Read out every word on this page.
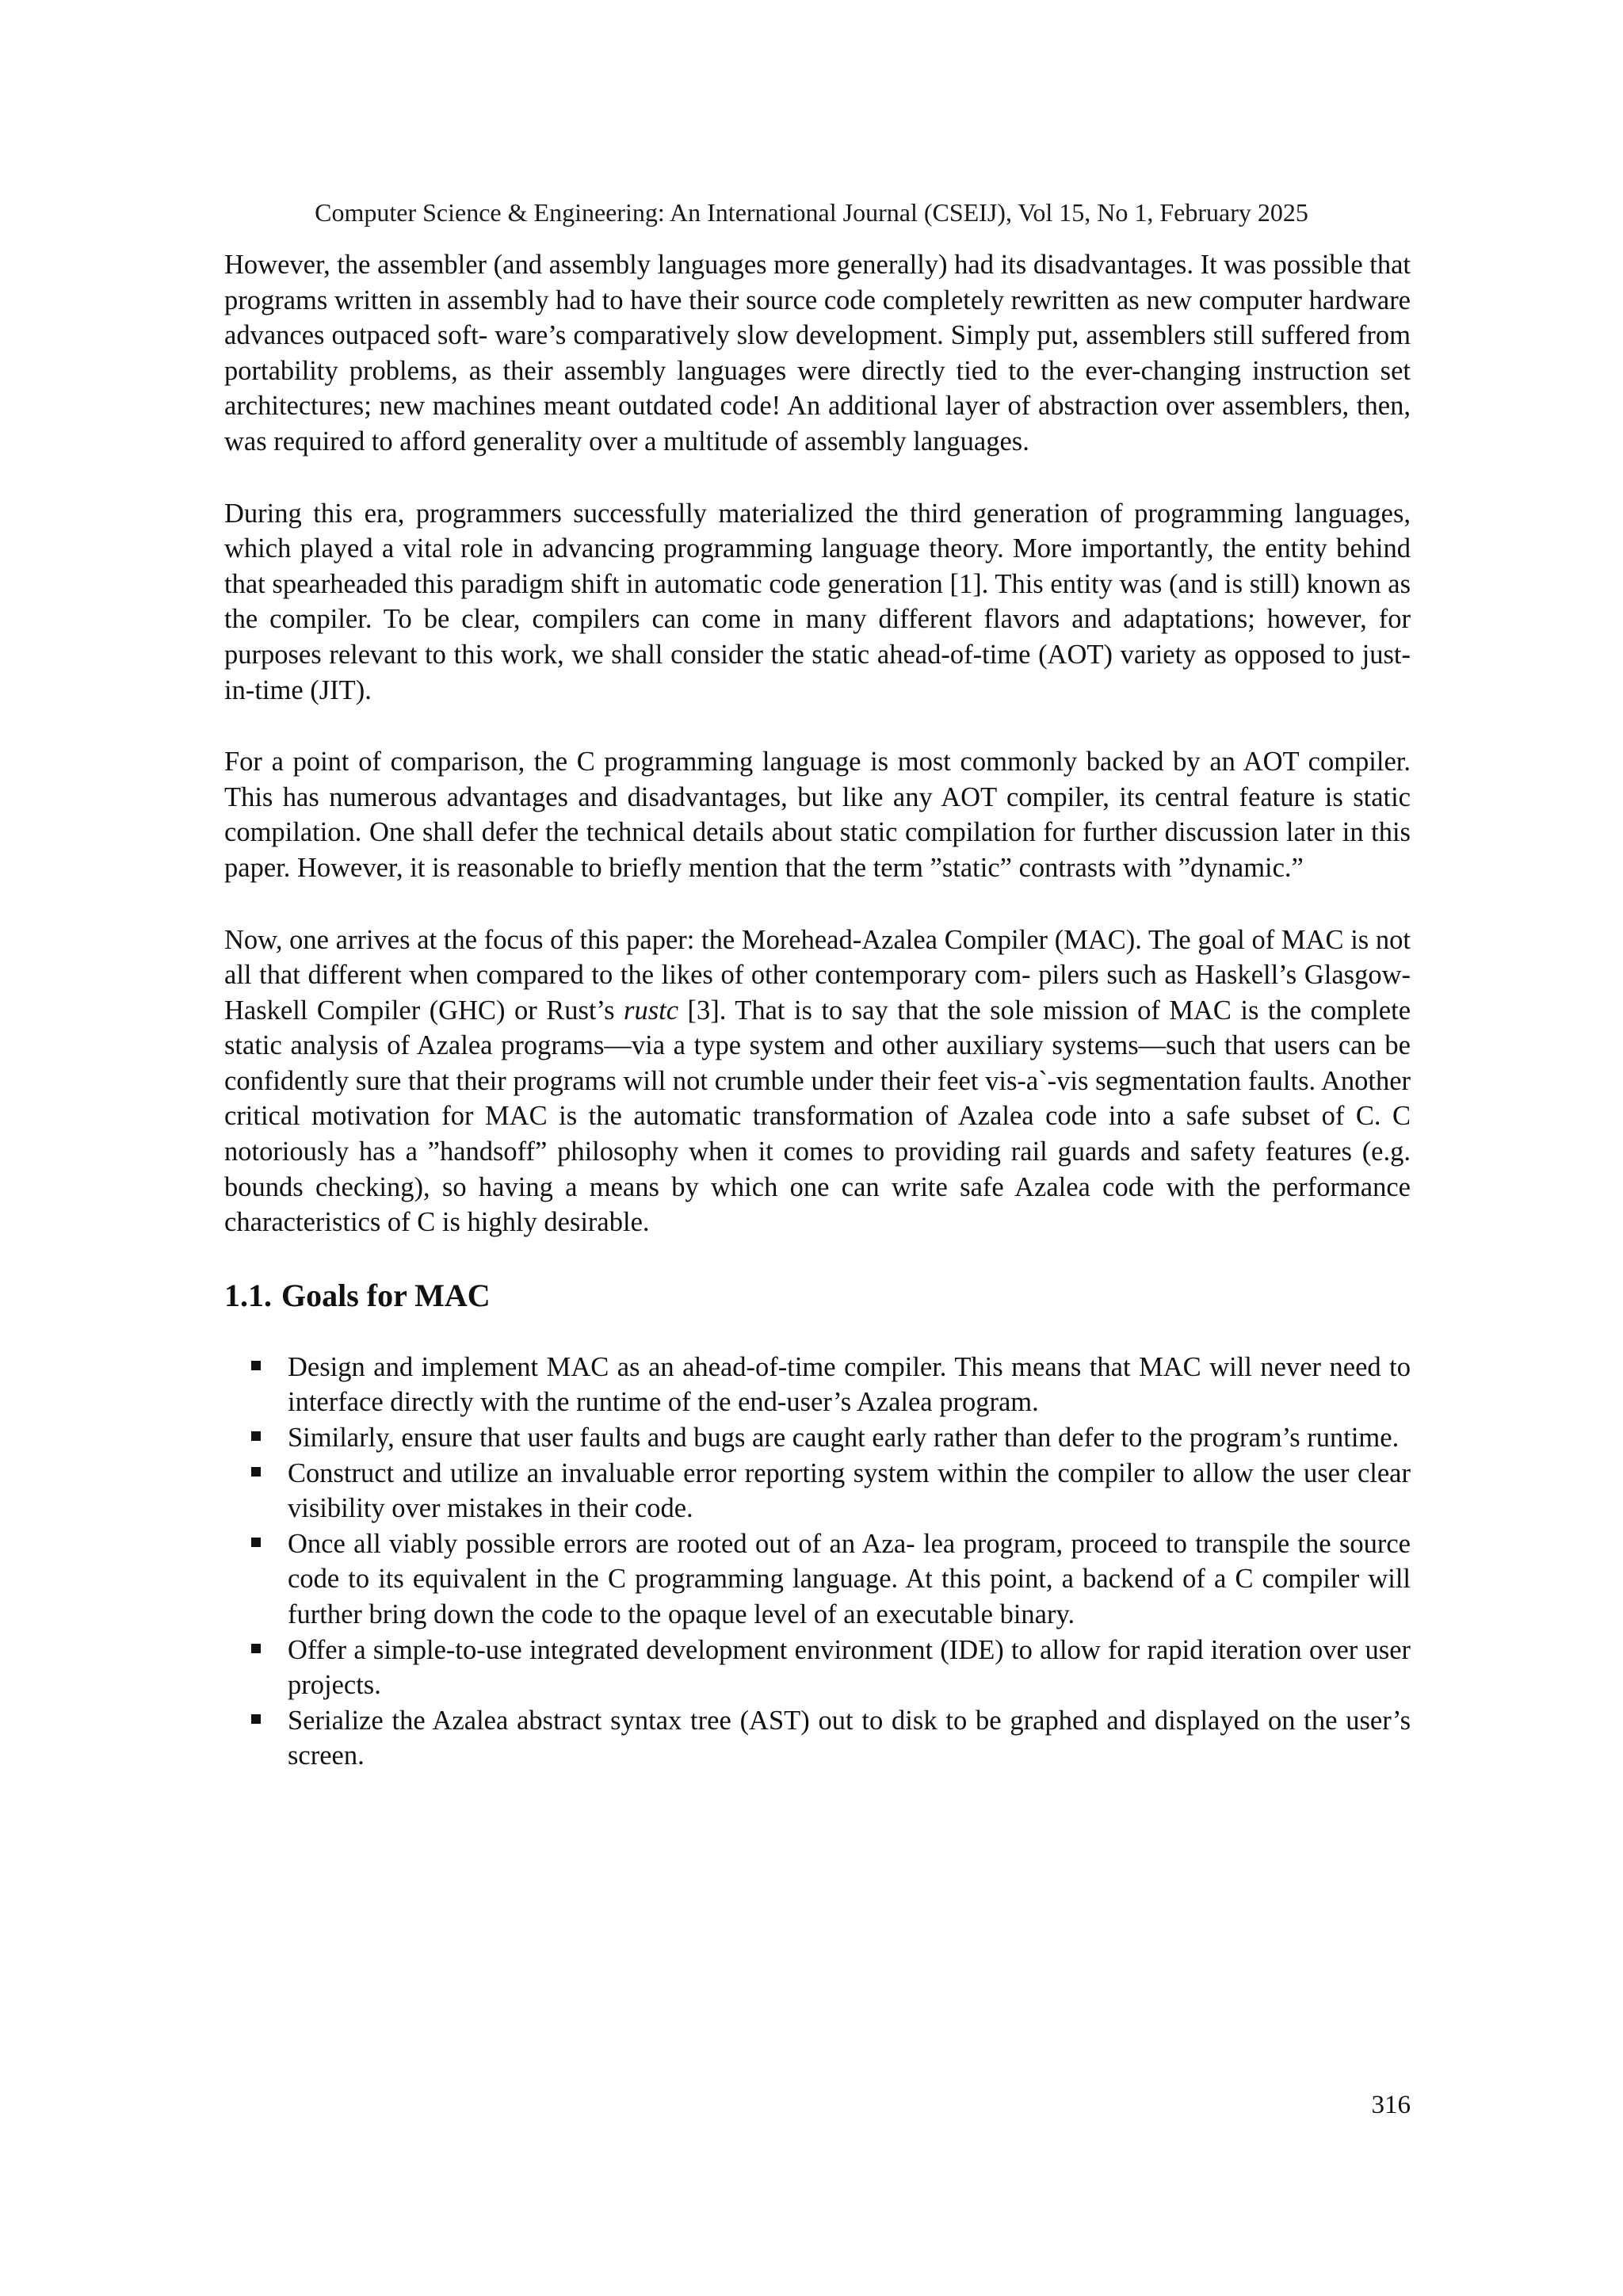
Computer Science & Engineering: An International Journal (CSEIJ), Vol 15, No 1, February 2025

However, the assembler (and assembly languages more generally) had its disadvantages. It was possible that programs written in assembly had to have their source code completely rewritten as new computer hardware advances outpaced soft- ware’s comparatively slow development. Simply put, assemblers still suffered from portability problems, as their assembly languages were directly tied to the ever-changing instruction set architectures; new machines meant outdated code! An additional layer of abstraction over assemblers, then, was required to afford generality over a multitude of assembly languages.

During this era, programmers successfully materialized the third generation of programming languages, which played a vital role in advancing programming language theory. More importantly, the entity behind that spearheaded this paradigm shift in automatic code generation [1]. This entity was (and is still) known as the compiler. To be clear, compilers can come in many different flavors and adaptations; however, for purposes relevant to this work, we shall consider the static ahead-of-time (AOT) variety as opposed to just-in-time (JIT).

For a point of comparison, the C programming language is most commonly backed by an AOT compiler. This has numerous advantages and disadvantages, but like any AOT compiler, its central feature is static compilation. One shall defer the technical details about static compilation for further discussion later in this paper. However, it is reasonable to briefly mention that the term ”static” contrasts with ”dynamic.”

Now, one arrives at the focus of this paper: the Morehead-Azalea Compiler (MAC). The goal of MAC is not all that different when compared to the likes of other contemporary com- pilers such as Haskell’s Glasgow-Haskell Compiler (GHC) or Rust’s rustc [3]. That is to say that the sole mission of MAC is the complete static analysis of Azalea programs—via a type system and other auxiliary systems—such that users can be confidently sure that their programs will not crumble under their feet vis-a`-vis segmentation faults. Another critical motivation for MAC is the automatic transformation of Azalea code into a safe subset of C. C notoriously has a ”handsoff” philosophy when it comes to providing rail guards and safety features (e.g. bounds checking), so having a means by which one can write safe Azalea code with the performance characteristics of C is highly desirable.

1.1. Goals for MAC
Design and implement MAC as an ahead-of-time compiler. This means that MAC will never need to interface directly with the runtime of the end-user’s Azalea program.
Similarly, ensure that user faults and bugs are caught early rather than defer to the program’s runtime.
Construct and utilize an invaluable error reporting system within the compiler to allow the user clear visibility over mistakes in their code.
Once all viably possible errors are rooted out of an Aza- lea program, proceed to transpile the source code to its equivalent in the C programming language. At this point, a backend of a C compiler will further bring down the code to the opaque level of an executable binary.
Offer a simple-to-use integrated development environment (IDE) to allow for rapid iteration over user projects.
Serialize the Azalea abstract syntax tree (AST) out to disk to be graphed and displayed on the user’s screen.
316
